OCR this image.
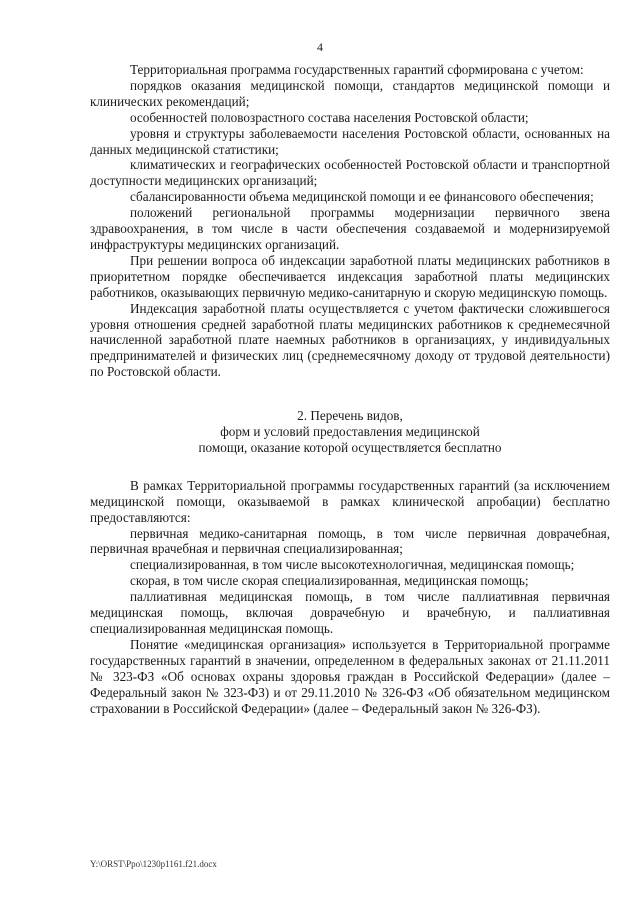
4

Территориальная программа государственных гарантий сформирована с учетом:

порядков оказания медицинской помощи, стандартов медицинской помощи и клинических рекомендаций;

особенностей половозрастного состава населения Ростовской области;

уровня и структуры заболеваемости населения Ростовской области, основанных на данных медицинской статистики;

климатических и географических особенностей Ростовской области и транспортной доступности медицинских организаций;

сбалансированности объема медицинской помощи и ее финансового обеспечения;

положений региональной программы модернизации первичного звена здравоохранения, в том числе в части обеспечения создаваемой и модернизируемой инфраструктуры медицинских организаций.

При решении вопроса об индексации заработной платы медицинских работников в приоритетном порядке обеспечивается индексация заработной платы медицинских работников, оказывающих первичную медико-санитарную и скорую медицинскую помощь.

Индексация заработной платы осуществляется с учетом фактически сложившегося уровня отношения средней заработной платы медицинских работников к среднемесячной начисленной заработной плате наемных работников в организациях, у индивидуальных предпринимателей и физических лиц (среднемесячному доходу от трудовой деятельности) по Ростовской области.

2. Перечень видов,
форм и условий предоставления медицинской
помощи, оказание которой осуществляется бесплатно

В рамках Территориальной программы государственных гарантий (за исключением медицинской помощи, оказываемой в рамках клинической апробации) бесплатно предоставляются:

первичная медико-санитарная помощь, в том числе первичная доврачебная, первичная врачебная и первичная специализированная;

специализированная, в том числе высокотехнологичная, медицинская помощь;

скорая, в том числе скорая специализированная, медицинская помощь;

паллиативная медицинская помощь, в том числе паллиативная первичная медицинская помощь, включая доврачебную и врачебную, и паллиативная специализированная медицинская помощь.

Понятие «медицинская организация» используется в Территориальной программе государственных гарантий в значении, определенном в федеральных законах от 21.11.2011 № 323-ФЗ «Об основах охраны здоровья граждан в Российской Федерации» (далее – Федеральный закон № 323-ФЗ) и от 29.11.2010 № 326-ФЗ «Об обязательном медицинском страховании в Российской Федерации» (далее – Федеральный закон № 326-ФЗ).

Y:\ORST\Ppo\1230p1161.f21.docx
